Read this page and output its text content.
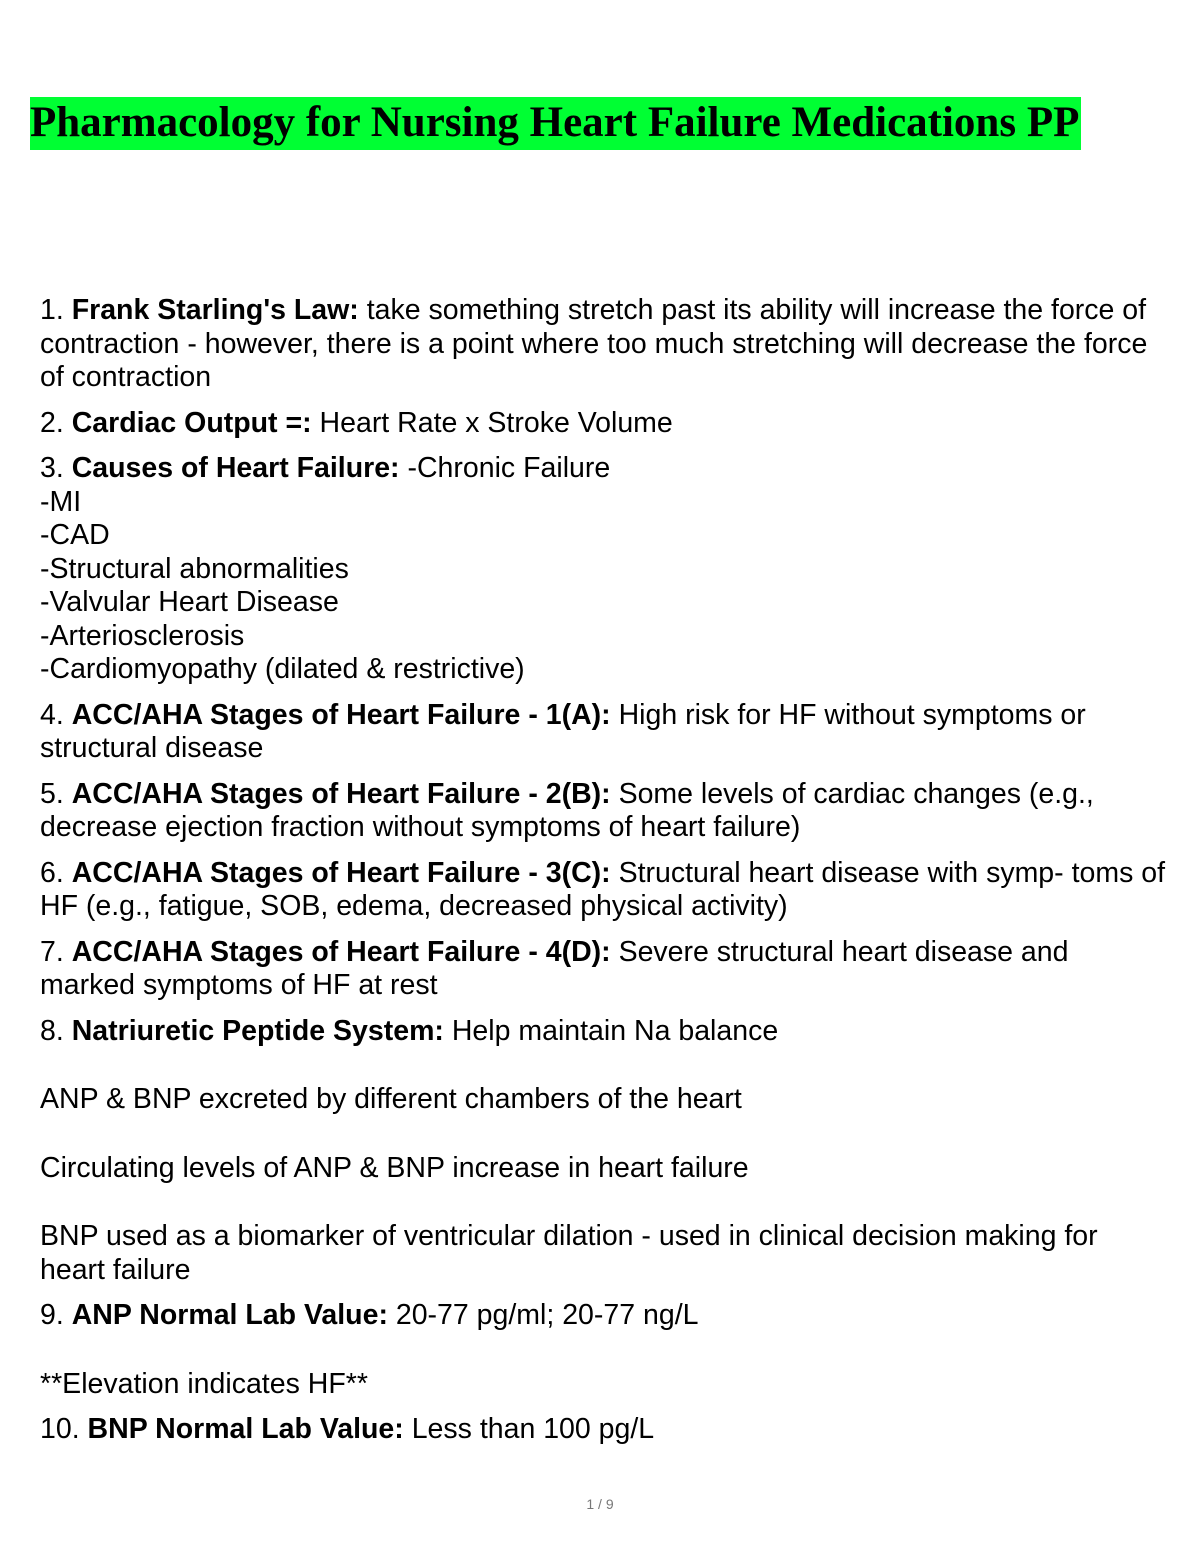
Pharmacology for Nursing Heart Failure Medications PP
1. Frank Starling's Law: take something stretch past its ability will increase the force of contraction - however, there is a point where too much stretching will decrease the force of contraction
2. Cardiac Output =: Heart Rate x Stroke Volume
3. Causes of Heart Failure: -Chronic Failure
-MI
-CAD
-Structural abnormalities
-Valvular Heart Disease
-Arteriosclerosis
-Cardiomyopathy (dilated & restrictive)
4. ACC/AHA Stages of Heart Failure - 1(A): High risk for HF without symptoms or structural disease
5. ACC/AHA Stages of Heart Failure - 2(B): Some levels of cardiac changes (e.g., decrease ejection fraction without symptoms of heart failure)
6. ACC/AHA Stages of Heart Failure - 3(C): Structural heart disease with symp- toms of HF (e.g., fatigue, SOB, edema, decreased physical activity)
7. ACC/AHA Stages of Heart Failure - 4(D): Severe structural heart disease and marked symptoms of HF at rest
8. Natriuretic Peptide System: Help maintain Na balance
ANP & BNP excreted by different chambers of the heart
Circulating levels of ANP & BNP increase in heart failure
BNP used as a biomarker of ventricular dilation - used in clinical decision making for heart failure
9. ANP Normal Lab Value: 20-77 pg/ml; 20-77 ng/L
**Elevation indicates HF**
10. BNP Normal Lab Value: Less than 100 pg/L
1 / 9
